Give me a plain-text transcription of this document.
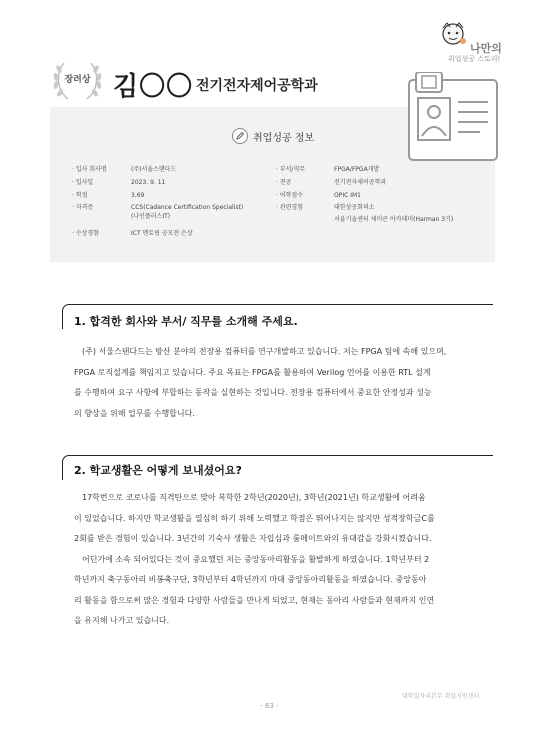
장려상 김〇〇 전기전자제어공학과
나만의
취업성공 스토리!
취업성공 정보
· 입사 회사명	(주)서울스탠다드
· 입사일	2023. 9. 11
· 학점	3.69
· 자격증	CCS(Cadance Certification Specialist)
(나인플러스IT)
· 수상경험	ICT 멘토링 공모전 은상
· 부서/직무	FPGA/FPGA개발
· 전공	전기전자제어공학과
· 어학점수	OPIC IM1
· 관련경험	대한상공회의소
서울기술센터 세미콘 아카데미(Harman 3기)
1. 합격한 회사와 부서/ 직무를 소개해 주세요.
(주) 서울스탠다드는 방산 분야의 전장용 컴퓨터를 연구개발하고 있습니다. 저는 FPGA 팀에 속해 있으며,
FPGA 로직설계를 책임지고 있습니다. 주요 목표는 FPGA를 활용하여 Verilog 언어를 이용한 RTL 설계
를 수행하여 요구 사항에 부합하는 동작을 실현하는 것입니다. 전장용 컴퓨터에서 중요한 안정성과 성능
의 향상을 위해 업무를 수행합니다.
2. 학교생활은 어떻게 보내셨어요?
17학번으로 코로나를 직격탄으로 맞아 복학한 2학년(2020년), 3학년(2021년) 학교생활에 어려움
이 있었습니다. 하지만 학교생활을 열심히 하기 위해 노력했고 학점은 뛰어나지는 않지만 성적장학금C를
2회를 받은 경험이 있습니다. 3년간의 기숙사 생활은 자립심과 룸메이트와의 유대감을 강화시켰습니다.
어딘가에 소속 되어있다는 것이 중요했던 저는 중앙동아리활동을 활발하게 하였습니다. 1학년부터 2
학년까지 축구동아리 비봉축구단, 3학년부터 4학년까지 마대 중앙동아리활동을 하였습니다. 중앙동아
리 활동을 함으로써 많은 경험과 다양한 사람들을 만나게 되었고, 현재는 동아리 사람들과 현재까지 인연
을 유지해 나가고 있습니다.
대학일자리본부 취업지원센터
- 63 -
